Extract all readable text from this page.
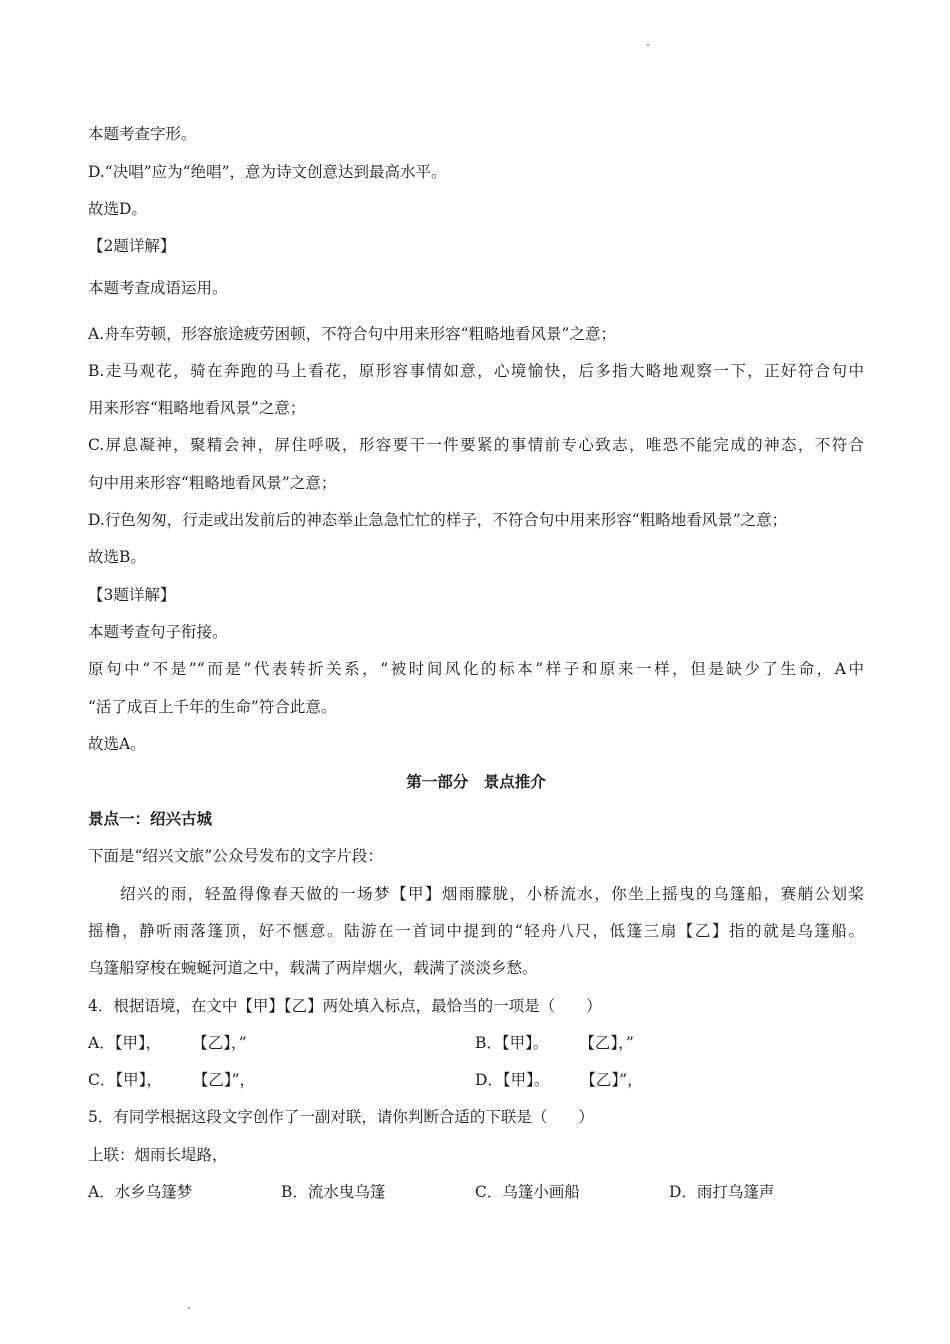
本题考查字形。
D.“决唱”应为“绝唱”，意为诗文创意达到最高水平。
故选D。
【2题详解】
本题考查成语运用。
A.舟车劳顿，形容旅途疲劳困顿，不符合句中用来形容“粗略地看风景”之意；
B.走马观花，骑在奔跑的马上看花，原形容事情如意，心境愉快，后多指大略地观察一下，正好符合句中
用来形容“粗略地看风景”之意；
C.屏息凝神，聚精会神，屏住呼吸，形容要干一件要紧的事情前专心致志，唯恐不能完成的神态，不符合
句中用来形容“粗略地看风景”之意；
D.行色匆匆，行走或出发前后的神态举止急急忙忙的样子，不符合句中用来形容“粗略地看风景”之意；
故选B。
【3题详解】
本题考查句子衔接。
原句中“不是”“而是”代表转折关系，“被时间风化的标本”样子和原来一样，但是缺少了生命，A中
“活了成百上千年的生命”符合此意。
故选A。
第一部分　景点推介
景点一：绍兴古城
下面是“绍兴文旅”公众号发布的文字片段：
绍兴的雨，轻盈得像春天做的一场梦【甲】烟雨朦胧，小桥流水，你坐上摇曳的乌篷船，赛艄公划桨
摇橹，静听雨落篷顶，好不惬意。陆游在一首词中提到的“轻舟八尺，低篷三扇【乙】指的就是乌篷船。
乌篷船穿梭在蜿蜒河道之中，载满了两岸烟火，载满了淡淡乡愁。
4．根据语境，在文中【甲】【乙】两处填入标点，最恰当的一项是（　　）
A．【甲】，　　　【乙】，”	B．【甲】。　　　【乙】，”
C．【甲】，　　　【乙】”，	D．【甲】。　　　【乙】”，
5．有同学根据这段文字创作了一副对联，请你判断合适的下联是（　　）
上联：烟雨长堤路，
A．水乡乌篷梦	B．流水曳乌篷	C．乌篷小画船	D．雨打乌篷声
